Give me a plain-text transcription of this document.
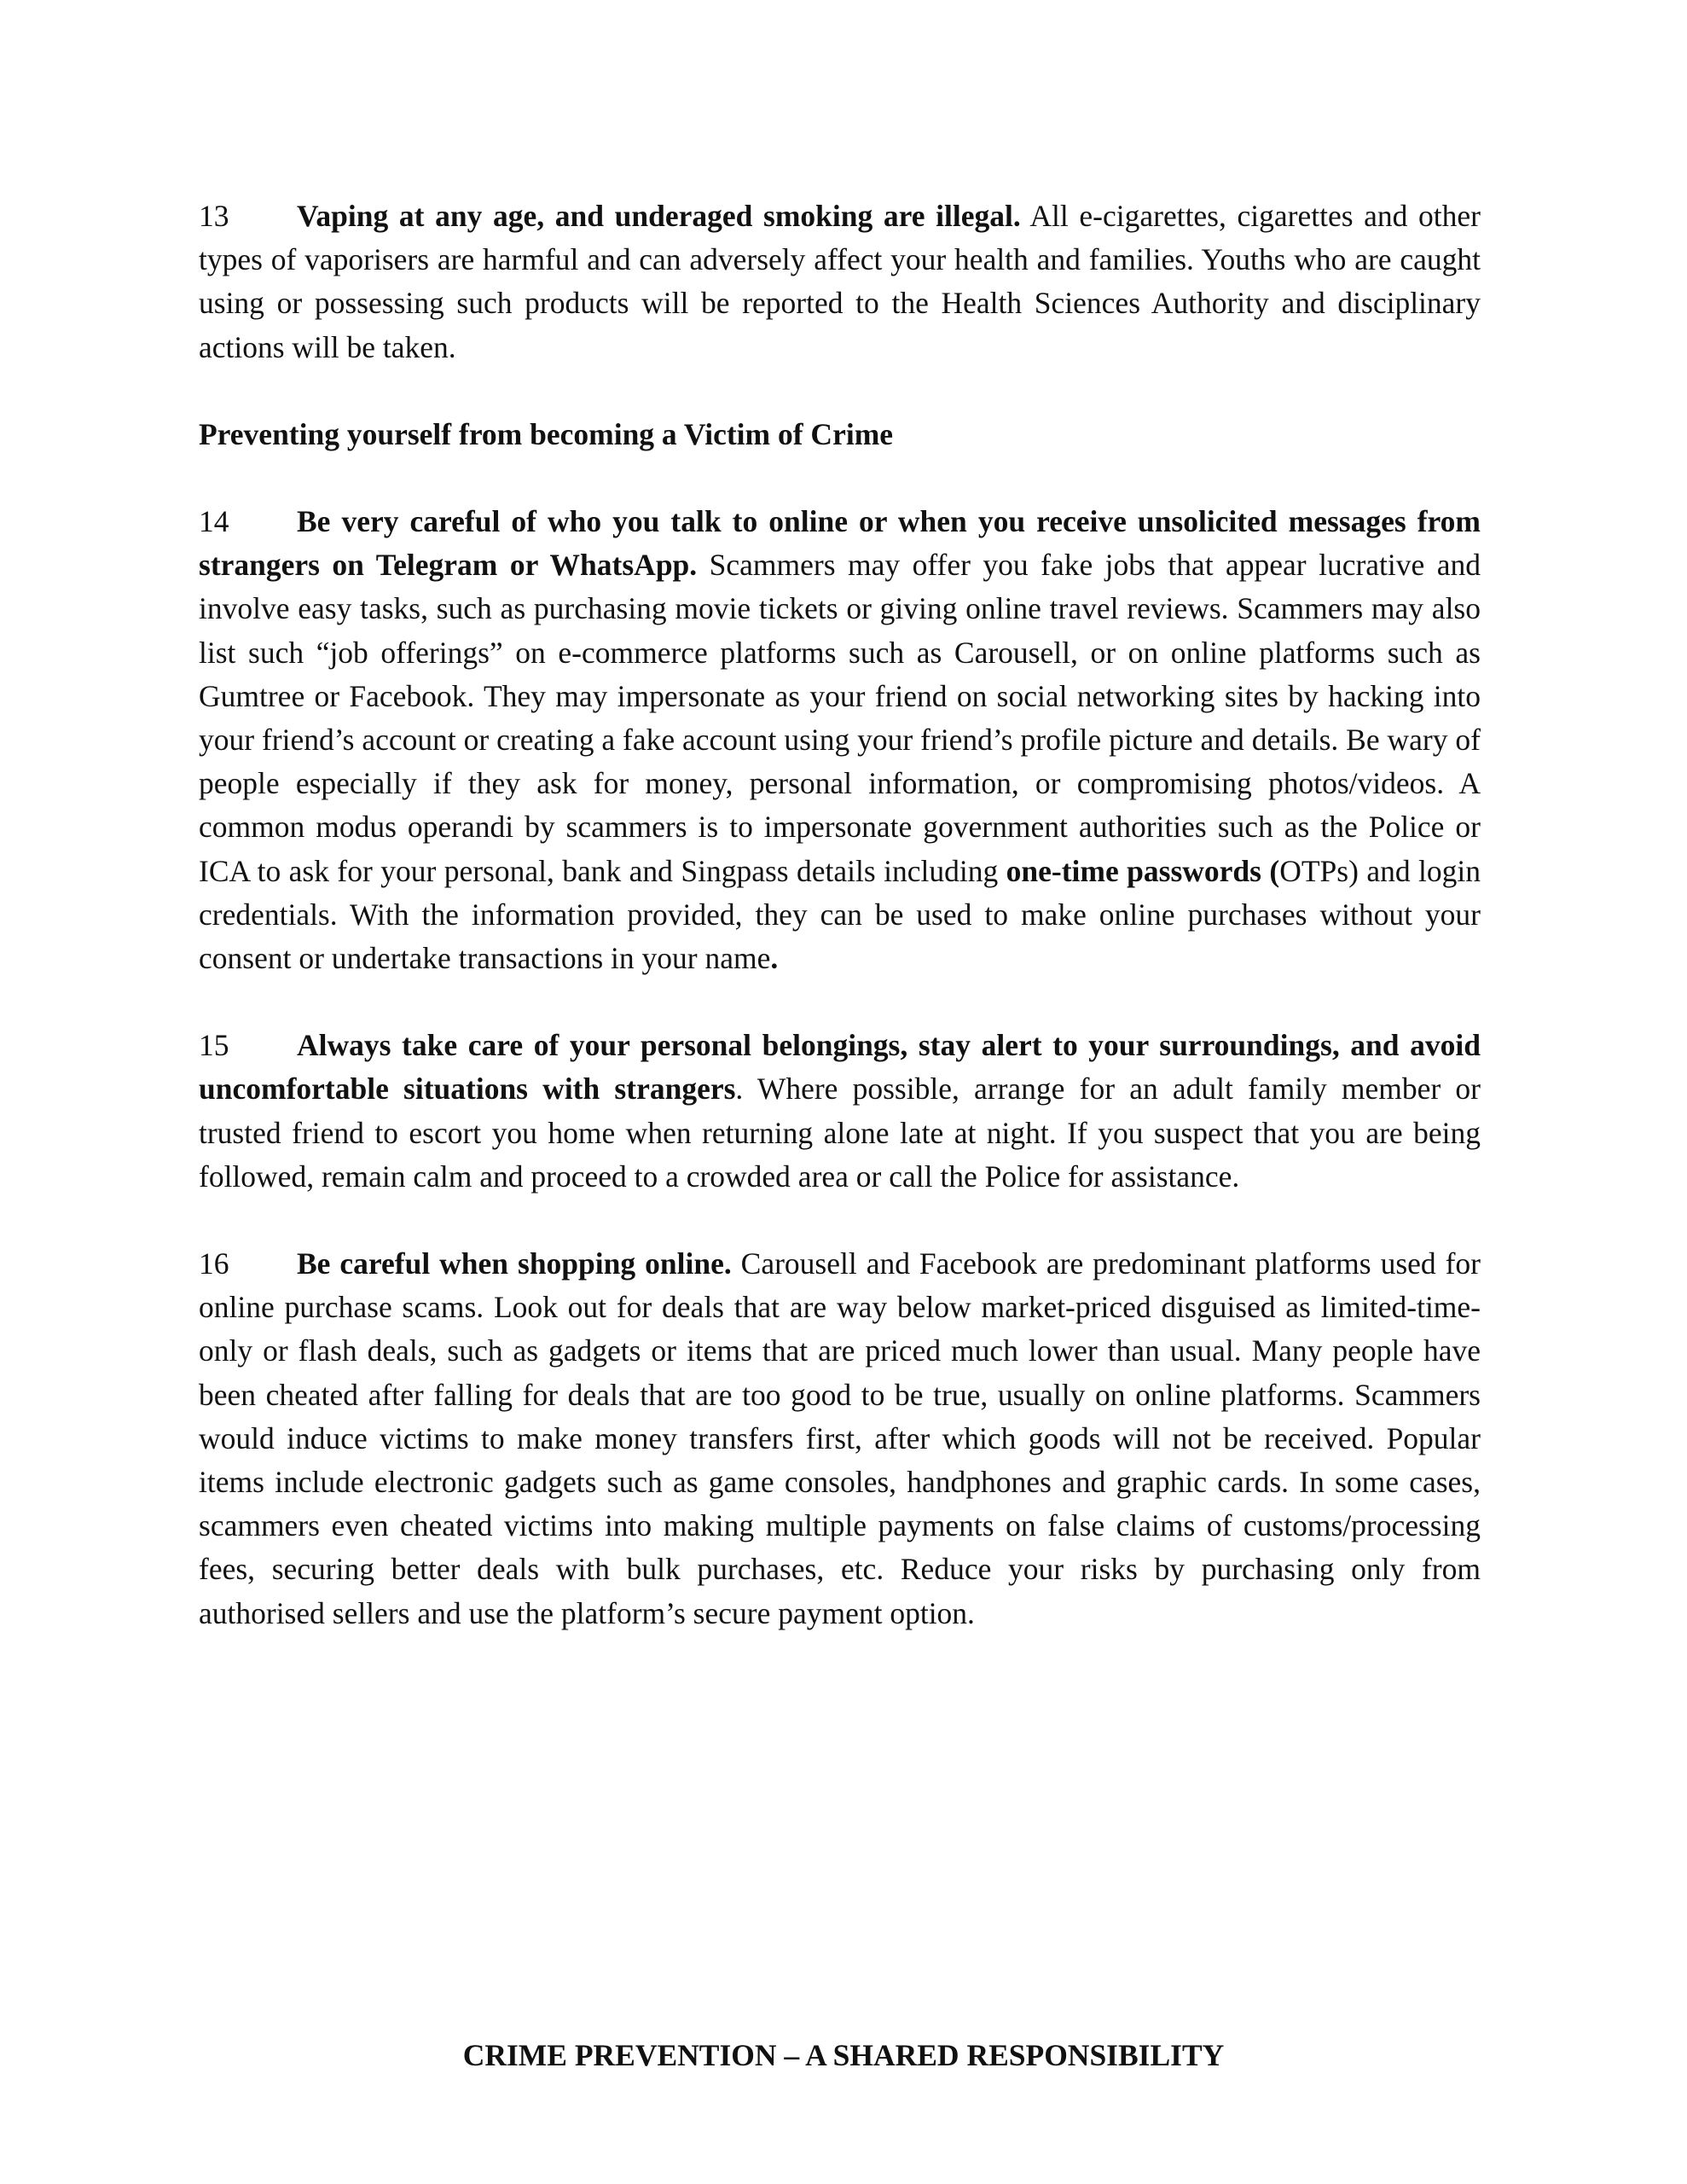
13 Vaping at any age, and underaged smoking are illegal. All e-cigarettes, cigarettes and other types of vaporisers are harmful and can adversely affect your health and families. Youths who are caught using or possessing such products will be reported to the Health Sciences Authority and disciplinary actions will be taken.

Preventing yourself from becoming a Victim of Crime

14 Be very careful of who you talk to online or when you receive unsolicited messages from strangers on Telegram or WhatsApp. Scammers may offer you fake jobs that appear lucrative and involve easy tasks, such as purchasing movie tickets or giving online travel reviews. Scammers may also list such “job offerings” on e-commerce platforms such as Carousell, or on online platforms such as Gumtree or Facebook. They may impersonate as your friend on social networking sites by hacking into your friend’s account or creating a fake account using your friend’s profile picture and details. Be wary of people especially if they ask for money, personal information, or compromising photos/videos. A common modus operandi by scammers is to impersonate government authorities such as the Police or ICA to ask for your personal, bank and Singpass details including one-time passwords (OTPs) and login credentials. With the information provided, they can be used to make online purchases without your consent or undertake transactions in your name.

15 Always take care of your personal belongings, stay alert to your surroundings, and avoid uncomfortable situations with strangers. Where possible, arrange for an adult family member or trusted friend to escort you home when returning alone late at night. If you suspect that you are being followed, remain calm and proceed to a crowded area or call the Police for assistance.

16 Be careful when shopping online. Carousell and Facebook are predominant platforms used for online purchase scams. Look out for deals that are way below market-priced disguised as limited-time-only or flash deals, such as gadgets or items that are priced much lower than usual. Many people have been cheated after falling for deals that are too good to be true, usually on online platforms. Scammers would induce victims to make money transfers first, after which goods will not be received. Popular items include electronic gadgets such as game consoles, handphones and graphic cards. In some cases, scammers even cheated victims into making multiple payments on false claims of customs/processing fees, securing better deals with bulk purchases, etc. Reduce your risks by purchasing only from authorised sellers and use the platform’s secure payment option.

CRIME PREVENTION – A SHARED RESPONSIBILITY
